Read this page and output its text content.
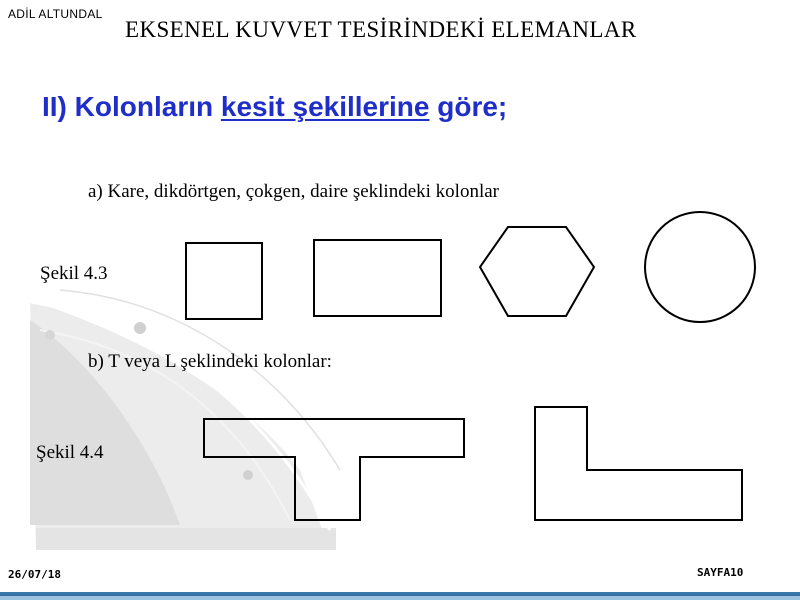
ADİL ALTUNDAL
EKSENEL KUVVET TESİRİNDEKİ ELEMANLAR
II) Kolonların kesit şekillerine göre;
a) Kare, dikdörtgen, çokgen, daire şeklindeki kolonlar
Şekil 4.3
b) T veya L şeklindeki kolonlar:
Şekil 4.4
26/07/18	SAYFA10
